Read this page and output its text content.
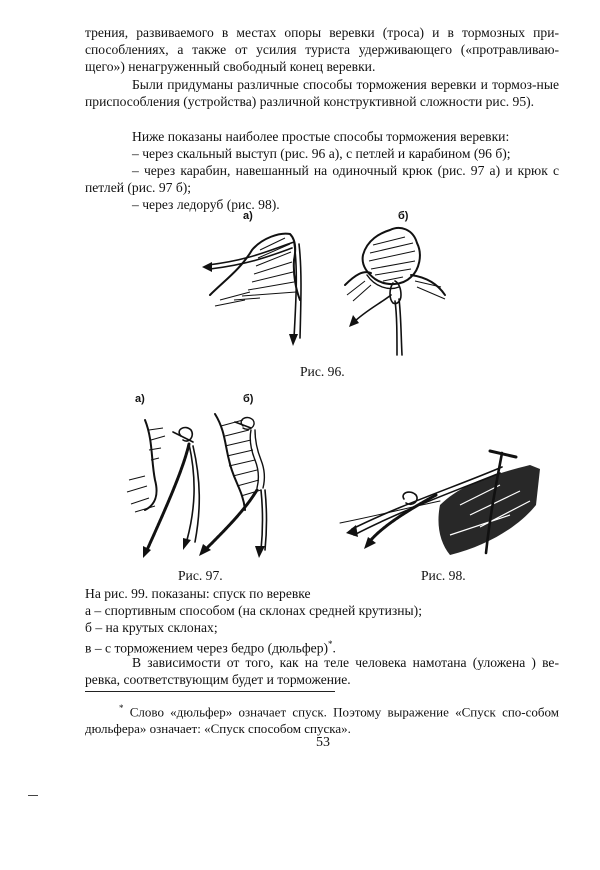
трения, развиваемого в местах опоры веревки (троса) и в тормозных при-способлениях, а также от усилия туриста удерживающего («протравливаю-щего») ненагруженный свободный конец веревки.
Были придуманы различные способы торможения веревки и тормоз-ные приспособления (устройства) различной конструктивной сложности рис. 95).
Ниже показаны наиболее простые способы торможения веревки:
– через скальный выступ (рис. 96 а), с петлей и карабином (96 б);
– через карабин, навешанный на одиночный крюк (рис. 97 а) и крюк с петлей (рис. 97 б);
– через ледоруб (рис. 98).
а)	б)
Рис. 96.
а)	б)
Рис. 97.	Рис. 98.
На рис. 99. показаны: спуск по веревке
а – спортивным способом (на склонах средней крутизны);
б – на крутых склонах;
в – с торможением через бедро (дюльфер)*.
В зависимости от того, как на теле человека намотана (уложена ) ве-ревка, соответствующим будет и торможение.
* Слово «дюльфер» означает спуск. Поэтому выражение «Спуск спо-собом дюльфера» означает: «Спуск способом спуска».
53
